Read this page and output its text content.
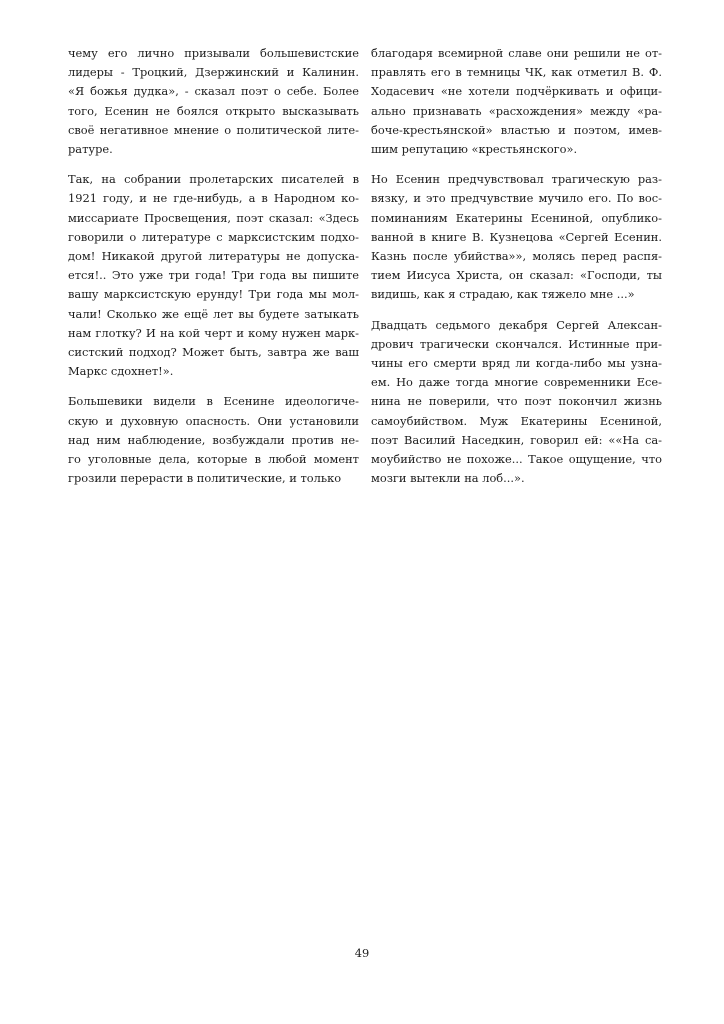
чему его лично призывали большевистские
лидеры - Троцкий, Дзержинский и Калинин.
«Я божья дудка», - сказал поэт о себе. Более
того, Есенин не боялся открыто высказывать
своё негативное мнение о политической лите-
ратуре.

Так, на собрании пролетарских писателей в
1921 году, и не где-нибудь, а в Народном ко-
миссариате Просвещения, поэт сказал: «Здесь
говорили о литературе с марксистским подхо-
дом! Никакой другой литературы не допуска-
ется!.. Это уже три года! Три года вы пишите
вашу марксистскую ерунду! Три года мы мол-
чали! Сколько же ещё лет вы будете затыкать
нам глотку? И на кой черт и кому нужен марк-
систский подход? Может быть, завтра же ваш
Маркс сдохнет!».

Большевики видели в Есенине идеологиче-
скую и духовную опасность. Они установили
над ним наблюдение, возбуждали против не-
го уголовные дела, которые в любой момент
грозили перерасти в политические, и только

благодаря всемирной славе они решили не от-
правлять его в темницы ЧК, как отметил В. Ф.
Ходасевич «не хотели подчёркивать и офици-
ально признавать «расхождения» между «ра-
боче-крестьянской» властью и поэтом, имев-
шим репутацию «крестьянского».

Но Есенин предчувствовал трагическую раз-
вязку, и это предчувствие мучило его. По вос-
поминаниям Екатерины Есениной, опублико-
ванной в книге В. Кузнецова «Сергей Есенин.
Казнь после убийства»», молясь перед распя-
тием Иисуса Христа, он сказал: «Господи, ты
видишь, как я страдаю, как тяжело мне ...»

Двадцать седьмого декабря Сергей Алексан-
дрович трагически скончался. Истинные при-
чины его смерти вряд ли когда-либо мы узна-
ем. Но даже тогда многие современники Есе-
нина не поверили, что поэт покончил жизнь
самоубийством. Муж Екатерины Есениной,
поэт Василий Наседкин, говорил ей: ««На са-
моубийство не похоже... Такое ощущение, что
мозги вытекли на лоб...».

49
